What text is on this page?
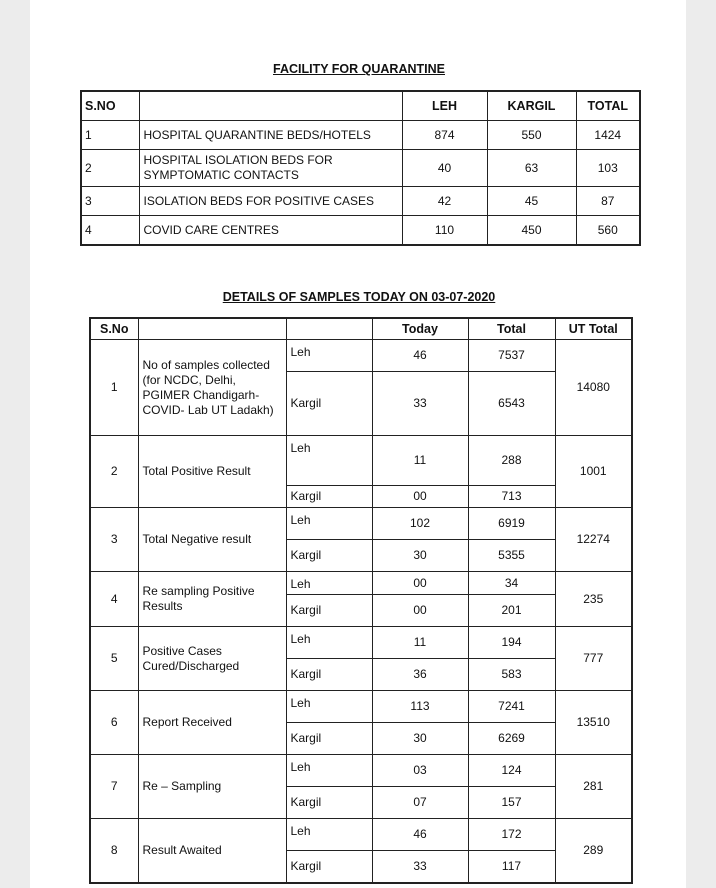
FACILITY FOR QUARANTINE
S.NO		LEH	KARGIL	TOTAL
1	HOSPITAL QUARANTINE BEDS/HOTELS	874	550	1424
2	HOSPITAL ISOLATION BEDS FOR SYMPTOMATIC CONTACTS	40	63	103
3	ISOLATION BEDS FOR POSITIVE CASES	42	45	87
4	COVID CARE CENTRES	110	450	560
DETAILS OF SAMPLES TODAY ON 03-07-2020
S.No			Today	Total	UT Total
1	No of samples collected (for NCDC, Delhi, PGIMER Chandigarh- COVID- Lab UT Ladakh)	Leh	46	7537	14080
		Kargil	33	6543	
2	Total Positive Result	Leh	11	288	1001
		Kargil	00	713	
3	Total Negative result	Leh	102	6919	12274
		Kargil	30	5355	
4	Re sampling Positive Results	Leh	00	34	235
		Kargil	00	201	
5	Positive Cases Cured/Discharged	Leh	11	194	777
		Kargil	36	583	
6	Report Received	Leh	113	7241	13510
		Kargil	30	6269	
7	Re – Sampling	Leh	03	124	281
		Kargil	07	157	
8	Result Awaited	Leh	46	172	289
		Kargil	33	117	
